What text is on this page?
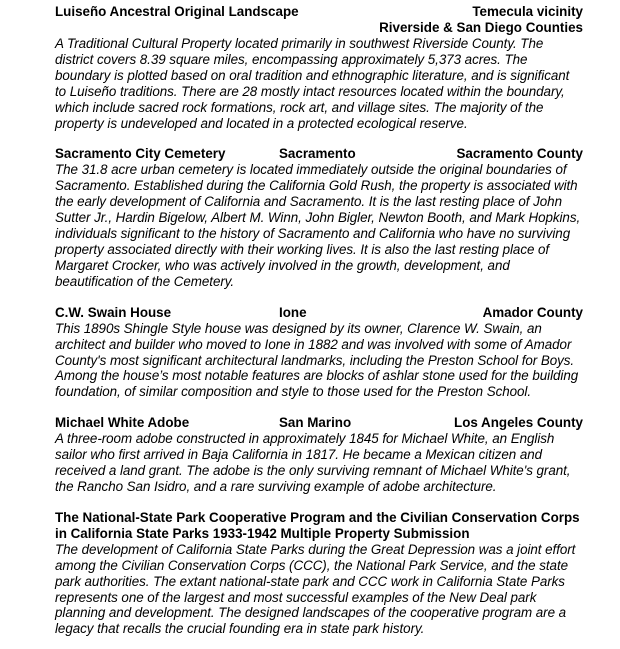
Luiseño Ancestral Original Landscape	Temecula vicinity
Riverside & San Diego Counties

A Traditional Cultural Property located primarily in southwest Riverside County. The district covers 8.39 square miles, encompassing approximately 5,373 acres. The boundary is plotted based on oral tradition and ethnographic literature, and is significant to Luiseño traditions. There are 28 mostly intact resources located within the boundary, which include sacred rock formations, rock art, and village sites. The majority of the property is undeveloped and located in a protected ecological reserve.

Sacramento City Cemetery	Sacramento	Sacramento County

The 31.8 acre urban cemetery is located immediately outside the original boundaries of Sacramento. Established during the California Gold Rush, the property is associated with the early development of California and Sacramento. It is the last resting place of John Sutter Jr., Hardin Bigelow, Albert M. Winn, John Bigler, Newton Booth, and Mark Hopkins, individuals significant to the history of Sacramento and California who have no surviving property associated directly with their working lives. It is also the last resting place of Margaret Crocker, who was actively involved in the growth, development, and beautification of the Cemetery.

C.W. Swain House	Ione	Amador County

This 1890s Shingle Style house was designed by its owner, Clarence W. Swain, an architect and builder who moved to Ione in 1882 and was involved with some of Amador County's most significant architectural landmarks, including the Preston School for Boys. Among the house’s most notable features are blocks of ashlar stone used for the building foundation, of similar composition and style to those used for the Preston School.

Michael White Adobe	San Marino	Los Angeles County

A three-room adobe constructed in approximately 1845 for Michael White, an English sailor who first arrived in Baja California in 1817. He became a Mexican citizen and received a land grant. The adobe is the only surviving remnant of Michael White's grant, the Rancho San Isidro, and a rare surviving example of adobe architecture.

The National-State Park Cooperative Program and the Civilian Conservation Corps in California State Parks 1933-1942 Multiple Property Submission

The development of California State Parks during the Great Depression was a joint effort among the Civilian Conservation Corps (CCC), the National Park Service, and the state park authorities. The extant national-state park and CCC work in California State Parks represents one of the largest and most successful examples of the New Deal park planning and development. The designed landscapes of the cooperative program are a legacy that recalls the crucial founding era in state park history.
